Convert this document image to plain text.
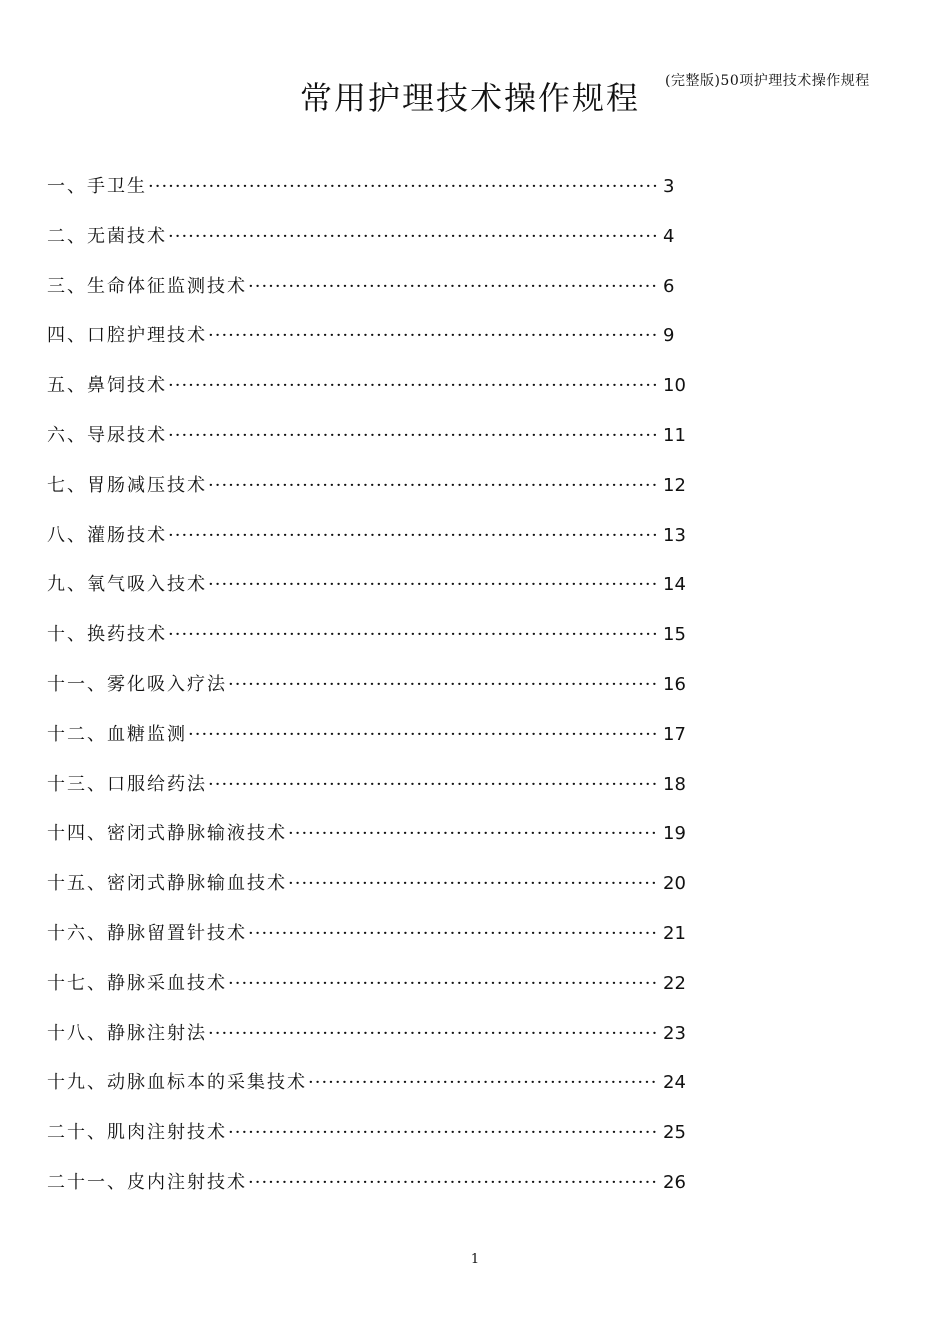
(完整版)50项护理技术操作规程
常用护理技术操作规程
一、手卫生 ·····	3
二、无菌技术 ·····	4
三、生命体征监测技术 ·····	6
四、口腔护理技术 ·····	9
五、鼻饲技术 ·····	10
六、导尿技术 ·····	11
七、胃肠减压技术 ·····	12
八、灌肠技术 ·····	13
九、氧气吸入技术 ·····	14
十、换药技术 ·····	15
十一、雾化吸入疗法 ·····	16
十二、血糖监测 ·····	17
十三、口服给药法 ·····	18
十四、密闭式静脉输液技术 ·····	19
十五、密闭式静脉输血技术 ·····	20
十六、静脉留置针技术 ·····	21
十七、静脉采血技术 ·····	22
十八、静脉注射法 ·····	23
十九、动脉血标本的采集技术 ·····	24
二十、肌肉注射技术 ·····	25
二十一、皮内注射技术 ·····	26
1
